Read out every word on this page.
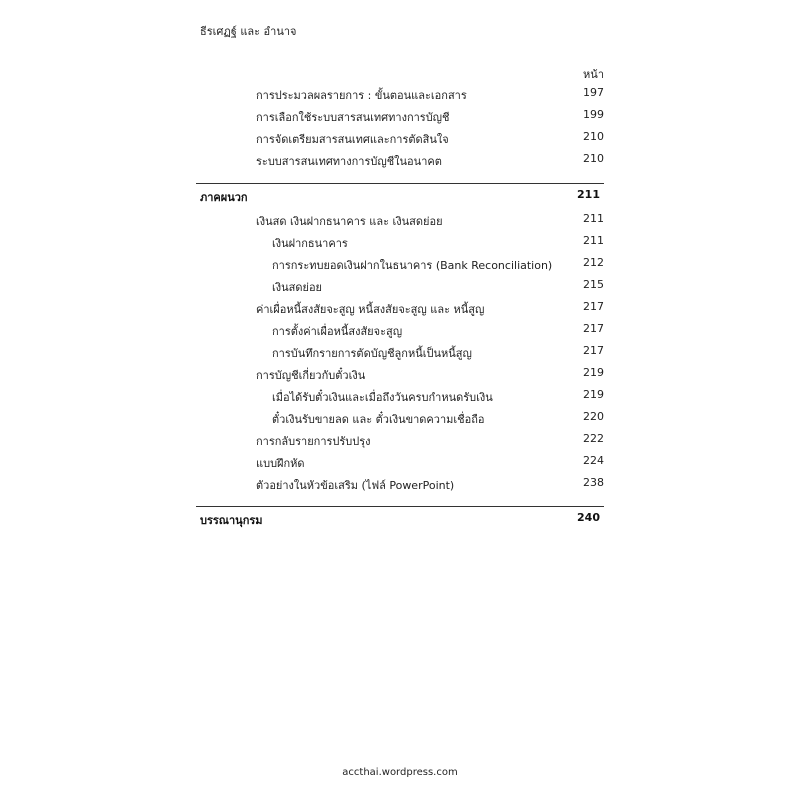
ธีรเศฏฐ์ และ อำนาจ
หน้า
การประมวลผลรายการ : ขั้นตอนและเอกสาร	197
การเลือกใช้ระบบสารสนเทศทางการบัญชี	199
การจัดเตรียมสารสนเทศและการตัดสินใจ	210
ระบบสารสนเทศทางการบัญชีในอนาคต	210
ภาคผนวก	211
เงินสด เงินฝากธนาคาร และ เงินสดย่อย	211
เงินฝากธนาคาร	211
การกระทบยอดเงินฝากในธนาคาร (Bank Reconciliation)	212
เงินสดย่อย	215
ค่าเผื่อหนี้สงสัยจะสูญ หนี้สงสัยจะสูญ และ หนี้สูญ	217
การตั้งค่าเผื่อหนี้สงสัยจะสูญ	217
การบันทึกรายการตัดบัญชีลูกหนี้เป็นหนี้สูญ	217
การบัญชีเกี่ยวกับตั๋วเงิน	219
เมื่อได้รับตั๋วเงินและเมื่อถึงวันครบกำหนดรับเงิน	219
ตั๋วเงินรับขายลด และ ตั๋วเงินขาดความเชื่อถือ	220
การกลับรายการปรับปรุง	222
แบบฝึกหัด	224
ตัวอย่างในหัวข้อเสริม (ไฟล์ PowerPoint)	238
บรรณานุกรม	240
accthai.wordpress.com
